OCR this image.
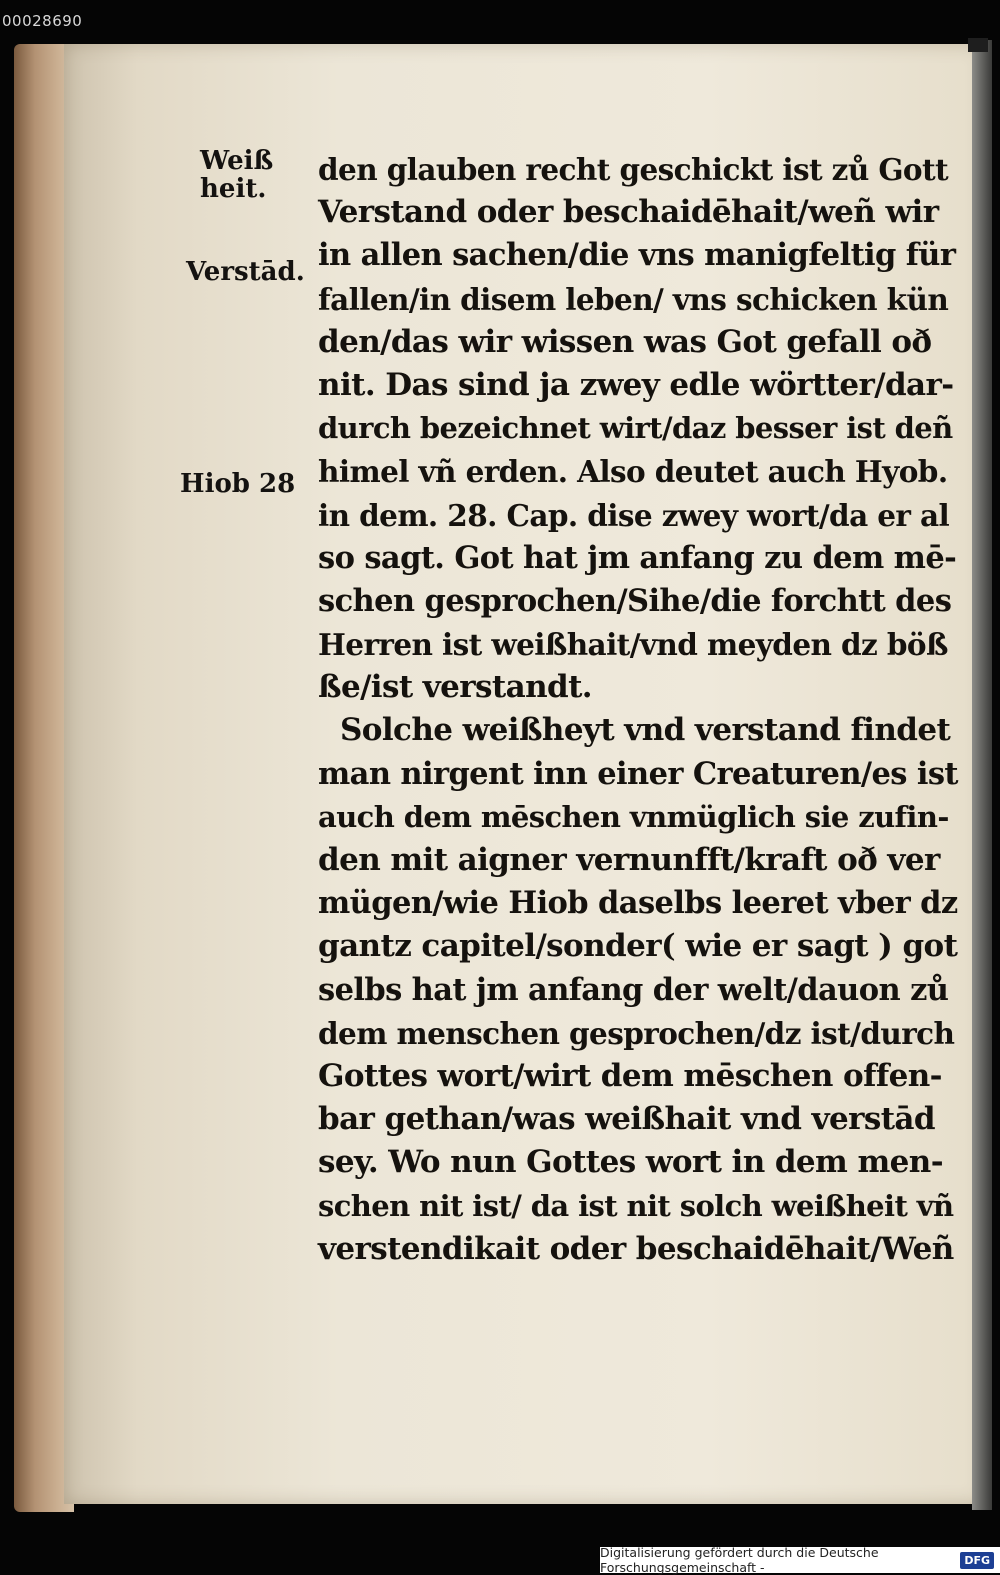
00028690
Weiß
heit.
Verstād.
Hiob 28
den glauben recht geschickt ist zů Gott
Verstand oder beschaidēhait/weñ wir
in allen sachen/die vns manigfeltig für
fallen/in disem leben/ vns schicken kün
den/das wir wissen was Got gefall oð
nit. Das sind ja zwey edle wörtter/dar-
durch bezeichnet wirt/daz besser ist deñ
himel vñ erden. Also deutet auch Hyob.
in dem. 28. Cap. dise zwey wort/da er al
so sagt. Got hat jm anfang zu dem mē-
schen gesprochen/Sihe/die forchtt des
Herren ist weißhait/vnd meyden dz böß
ße/ist verstandt.
Solche weißheyt vnd verstand findet
man nirgent inn einer Creaturen/es ist
auch dem mēschen vnmüglich sie zufin-
den mit aigner vernunfft/kraft oð ver
mügen/wie Hiob daselbs leeret vber dz
gantz capitel/sonder( wie er sagt ) got
selbs hat jm anfang der welt/dauon zů
dem menschen gesprochen/dz ist/durch
Gottes wort/wirt dem mēschen offen-
bar gethan/was weißhait vnd verstād
sey. Wo nun Gottes wort in dem men-
schen nit ist/ da ist nit solch weißheit vñ
verstendikait oder beschaidēhait/Weñ
Digitalisierung gefördert durch die Deutsche Forschungsgemeinschaft -	DFG
